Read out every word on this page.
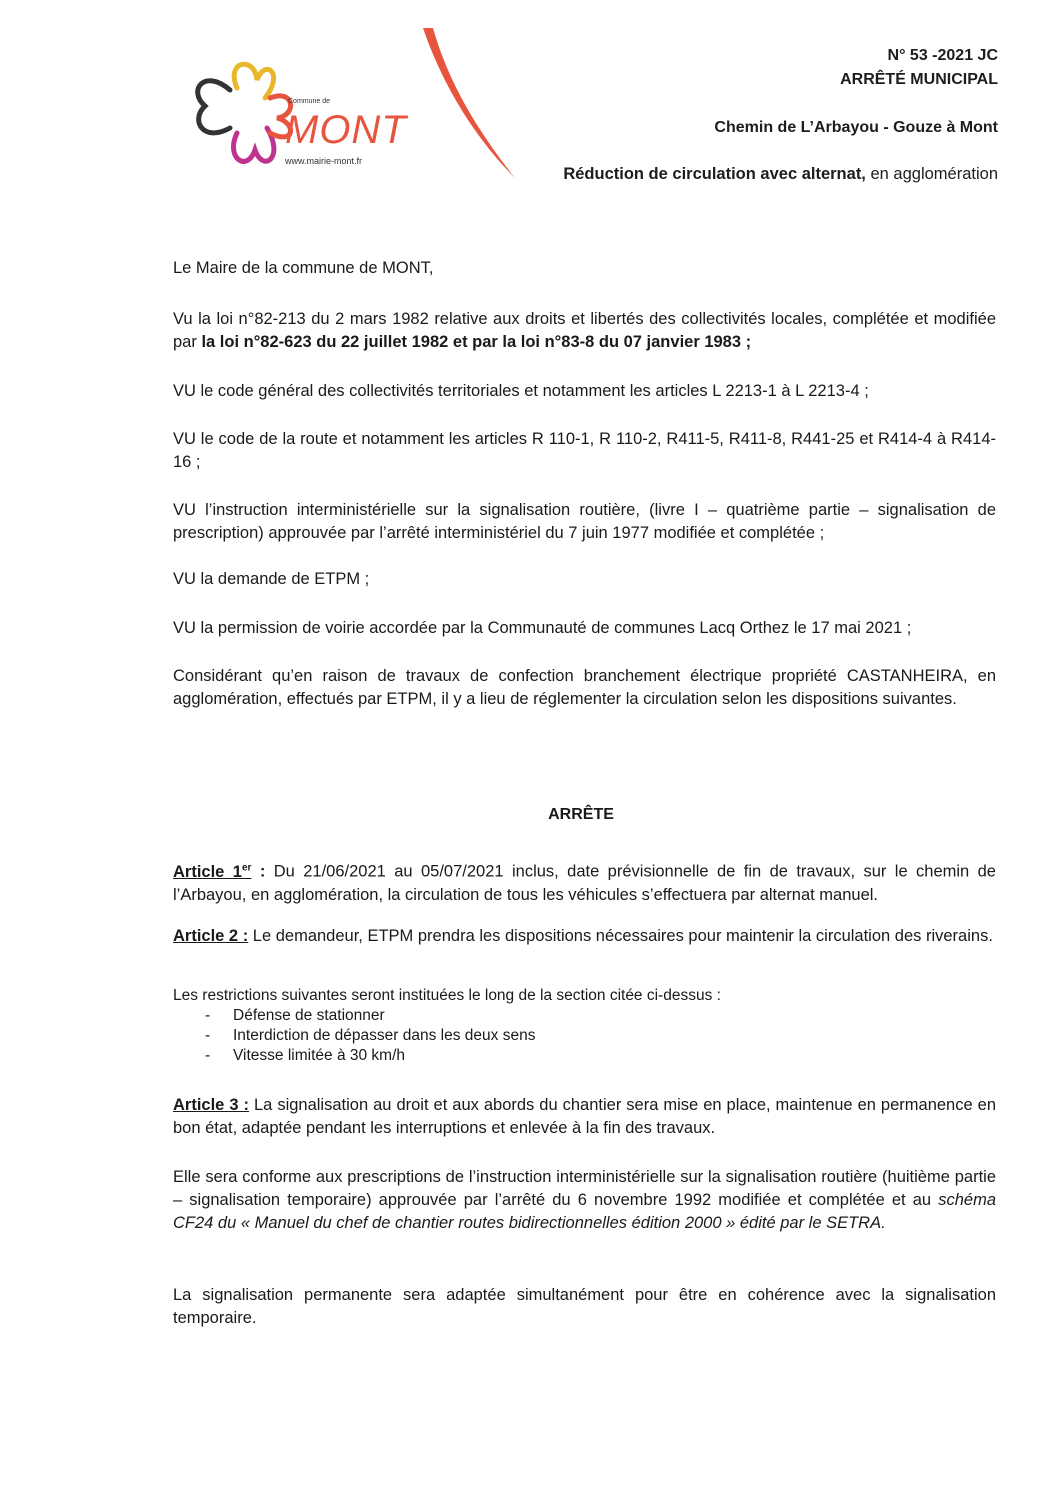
Commune de
MONT
www.mairie-mont.fr
N° 53 -2021 JC
ARRÊTÉ MUNICIPAL
Chemin de L’Arbayou - Gouze à Mont
Réduction de circulation avec alternat, en agglomération

Le Maire de la commune de MONT,

Vu la loi n°82-213 du 2 mars 1982 relative aux droits et libertés des collectivités locales, complétée et modifiée par la loi n°82-623 du 22 juillet 1982 et par la loi n°83-8 du 07 janvier 1983 ;

VU le code général des collectivités territoriales et notamment les articles L 2213-1 à L 2213-4 ;

VU le code de la route et notamment les articles R 110-1, R 110-2, R411-5, R411-8, R441-25 et R414-4 à R414-16 ;

VU l’instruction interministérielle sur la signalisation routière, (livre I – quatrième partie – signalisation de prescription) approuvée par l’arrêté interministériel du 7 juin 1977 modifiée et complétée ;

VU la demande de ETPM ;

VU la permission de voirie accordée par la Communauté de communes Lacq Orthez le 17 mai 2021 ;

Considérant qu’en raison de travaux de confection branchement électrique propriété CASTANHEIRA, en agglomération, effectués par ETPM, il y a lieu de réglementer la circulation selon les dispositions suivantes.

ARRÊTE

Article 1er : Du 21/06/2021 au 05/07/2021 inclus, date prévisionnelle de fin de travaux, sur le chemin de l’Arbayou, en agglomération, la circulation de tous les véhicules s’effectuera par alternat manuel.

Article 2 : Le demandeur, ETPM prendra les dispositions nécessaires pour maintenir la circulation des riverains.

Les restrictions suivantes seront instituées le long de la section citée ci-dessus :

- Défense de stationner
- Interdiction de dépasser dans les deux sens
- Vitesse limitée à 30 km/h

Article 3 : La signalisation au droit et aux abords du chantier sera mise en place, maintenue en permanence en bon état, adaptée pendant les interruptions et enlevée à la fin des travaux.

Elle sera conforme aux prescriptions de l’instruction interministérielle sur la signalisation routière (huitième partie – signalisation temporaire) approuvée par l’arrêté du 6 novembre 1992 modifiée et complétée et au schéma CF24 du « Manuel du chef de chantier routes bidirectionnelles édition 2000 » édité par le SETRA.

La signalisation permanente sera adaptée simultanément pour être en cohérence avec la signalisation temporaire.
